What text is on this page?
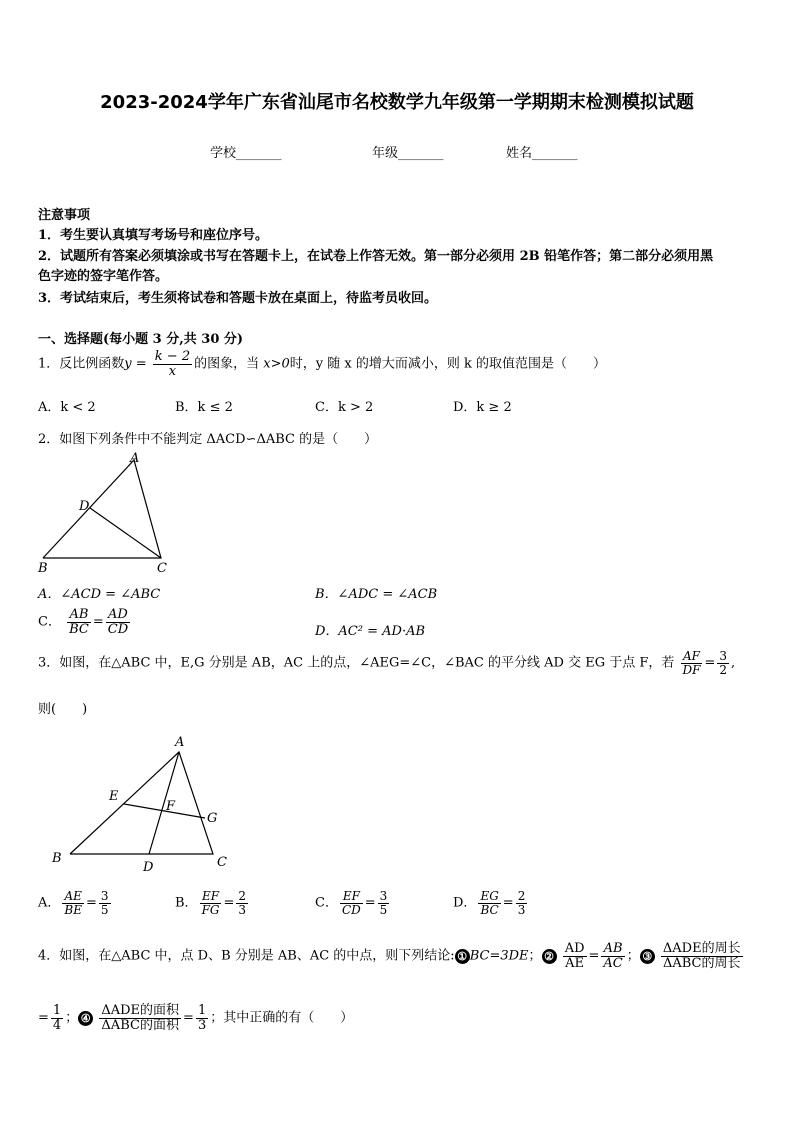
2023-2024学年广东省汕尾市名校数学九年级第一学期期末检测模拟试题
学校_______	年级_______	姓名_______
注意事项
1．考生要认真填写考场号和座位序号。
2．试题所有答案必须填涂或书写在答题卡上，在试卷上作答无效。第一部分必须用 2B 铅笔作答；第二部分必须用黑
色字迹的签字笔作答。
3．考试结束后，考生须将试卷和答题卡放在桌面上，待监考员收回。
一、选择题(每小题 3 分,共 30 分)
1．反比例函数$y = \frac{k - 2}{x}$ 的图象，当 x>0时，y 随 x 的增大而减小，则 k 的取值范围是（　　）
A．k < 2	B．k ≤ 2	C．k > 2	D．k ≥ 2
2．如图下列条件中不能判定 ΔACD∽ΔABC 的是（　　）
A
B	C
D
A．∠ACD = ∠ABC	B．∠ADC = ∠ACB
C． $\frac{AB}{BC} = \frac{AD}{CD}$	D．AC² = AD·AB
3．如图，在△ABC 中，E,G 分别是 AB，AC 上的点，∠AEG=∠C，∠BAC 的平分线 AD 交 EG 于点 F，若 $\frac{AF}{DF} = \frac{3}{2}$ ,
则(　　)
A
B	C
D
E
F
G
A． $\frac{AE}{BE} = \frac{3}{5}$	B． $\frac{EF}{FG} = \frac{2}{3}$	C． $\frac{EF}{CD} = \frac{3}{5}$	D． $\frac{EG}{BC} = \frac{2}{3}$
4．如图，在△ABC 中，点 D、B 分别是 AB、AC 的中点，则下列结论: ① BC=3DE； ② $\frac{AD}{AE} = \frac{AB}{AC}$ ； ③ $\frac{\text{ΔADE的周长}}{\text{ΔABC的周长}}$
= $\frac{1}{4}$ ； ④ $\frac{\text{ΔADE的面积}}{\text{ΔABC的面积}} = \frac{1}{3}$ ；其中正确的有（　　）
